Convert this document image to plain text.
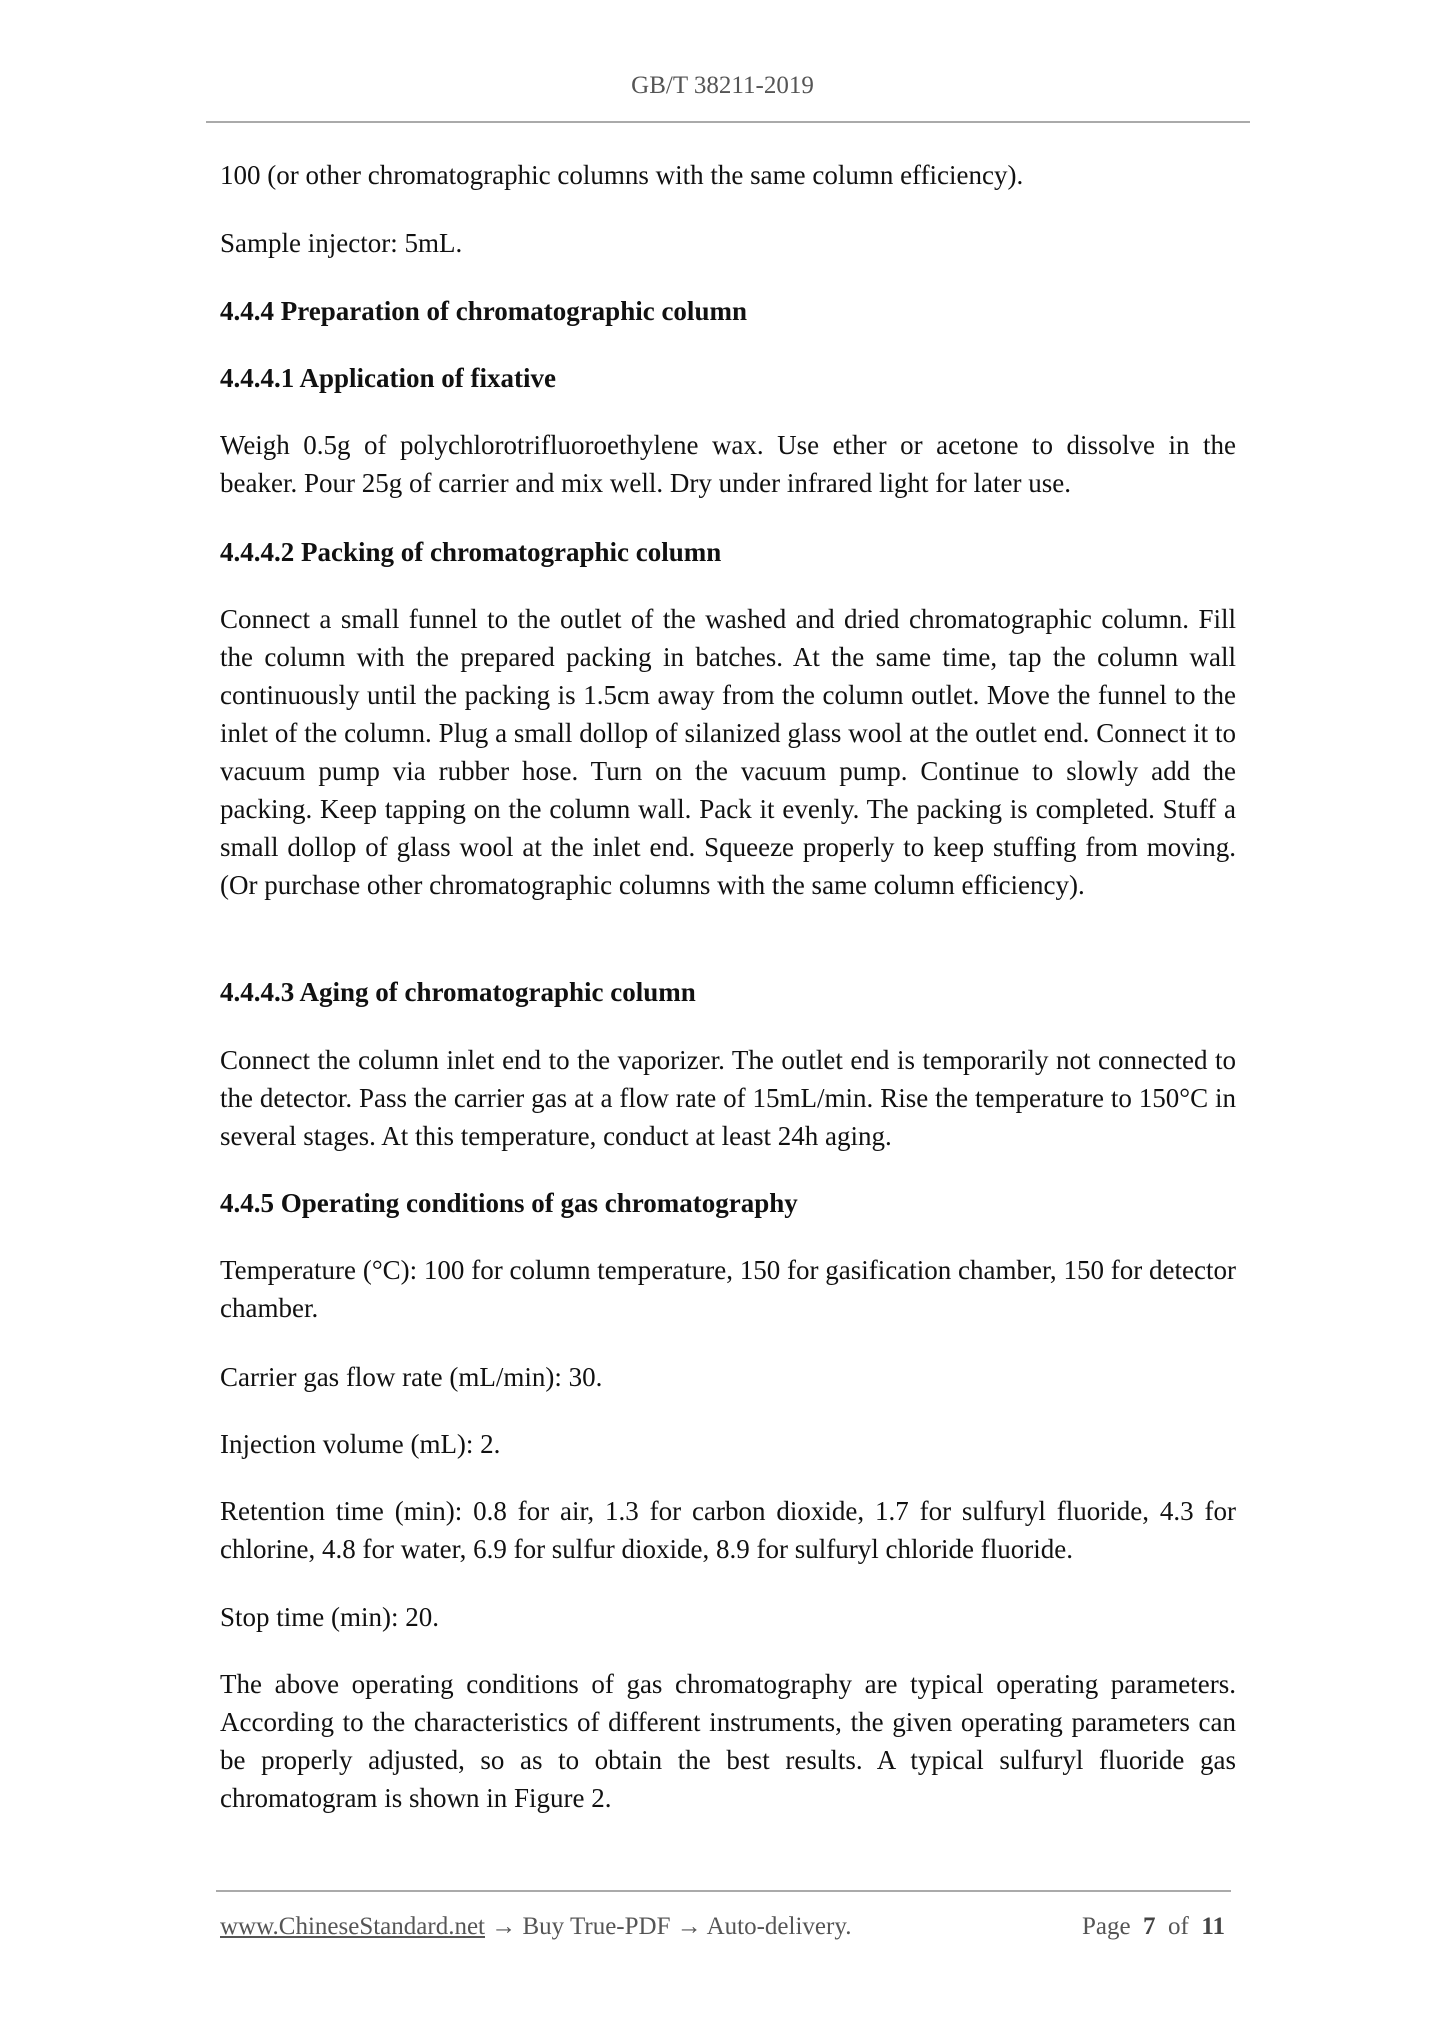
GB/T 38211-2019
100 (or other chromatographic columns with the same column efficiency).
Sample injector: 5mL.
4.4.4 Preparation of chromatographic column
4.4.4.1 Application of fixative
Weigh 0.5g of polychlorotrifluoroethylene wax. Use ether or acetone to dissolve in the beaker. Pour 25g of carrier and mix well. Dry under infrared light for later use.
4.4.4.2 Packing of chromatographic column
Connect a small funnel to the outlet of the washed and dried chromatographic column. Fill the column with the prepared packing in batches. At the same time, tap the column wall continuously until the packing is 1.5cm away from the column outlet. Move the funnel to the inlet of the column. Plug a small dollop of silanized glass wool at the outlet end. Connect it to vacuum pump via rubber hose. Turn on the vacuum pump. Continue to slowly add the packing. Keep tapping on the column wall. Pack it evenly. The packing is completed. Stuff a small dollop of glass wool at the inlet end. Squeeze properly to keep stuffing from moving. (Or purchase other chromatographic columns with the same column efficiency).
4.4.4.3 Aging of chromatographic column
Connect the column inlet end to the vaporizer. The outlet end is temporarily not connected to the detector. Pass the carrier gas at a flow rate of 15mL/min. Rise the temperature to 150°C in several stages. At this temperature, conduct at least 24h aging.
4.4.5 Operating conditions of gas chromatography
Temperature (°C): 100 for column temperature, 150 for gasification chamber, 150 for detector chamber.
Carrier gas flow rate (mL/min): 30.
Injection volume (mL): 2.
Retention time (min): 0.8 for air, 1.3 for carbon dioxide, 1.7 for sulfuryl fluoride, 4.3 for chlorine, 4.8 for water, 6.9 for sulfur dioxide, 8.9 for sulfuryl chloride fluoride.
Stop time (min): 20.
The above operating conditions of gas chromatography are typical operating parameters. According to the characteristics of different instruments, the given operating parameters can be properly adjusted, so as to obtain the best results. A typical sulfuryl fluoride gas chromatogram is shown in Figure 2.
www.ChineseStandard.net → Buy True-PDF → Auto-delivery.	Page 7 of 11
